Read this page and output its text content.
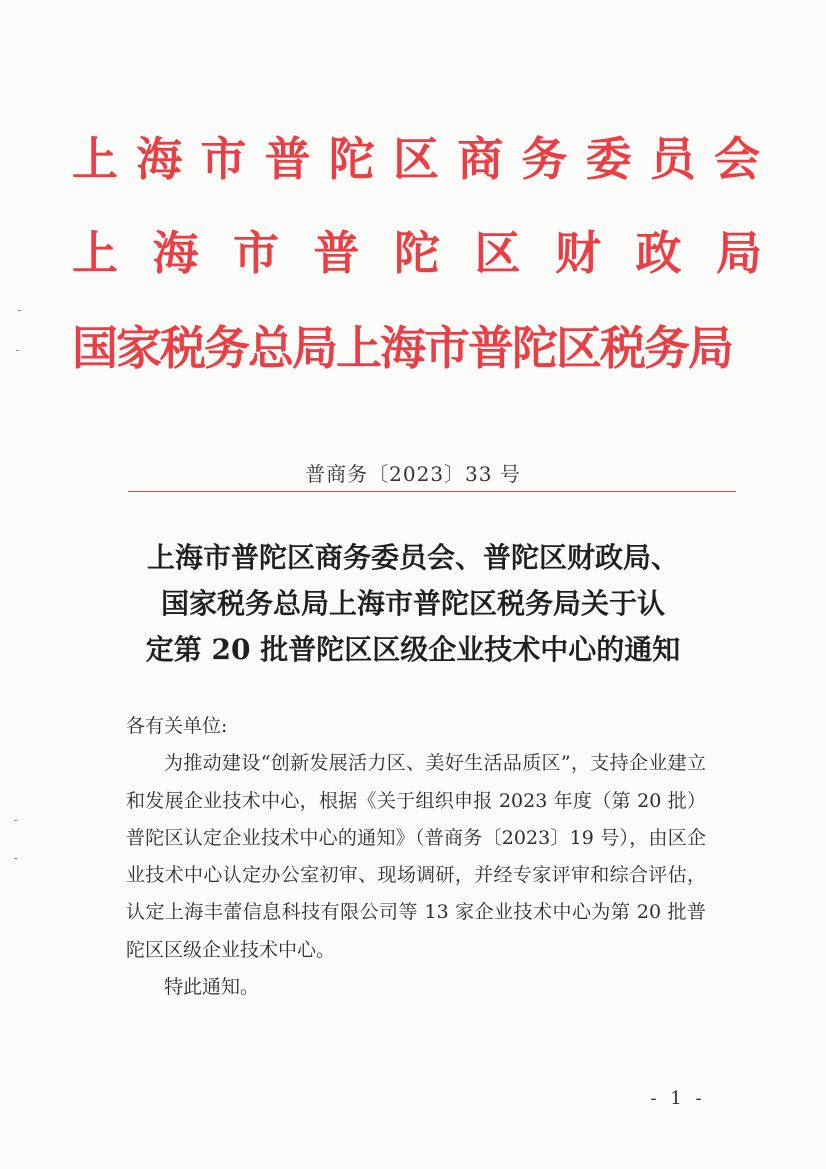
上海市普陀区商务委员会
上海市普陀区财政局
国家税务总局上海市普陀区税务局
普商务〔2023〕33 号
上海市普陀区商务委员会、普陀区财政局、
国家税务总局上海市普陀区税务局关于认
定第 20 批普陀区区级企业技术中心的通知

各有关单位:

为推动建设“创新发展活力区、美好生活品质区”，支持企业建立和发展企业技术中心，根据《关于组织申报 2023 年度（第 20 批）普陀区认定企业技术中心的通知》（普商务〔2023〕19 号），由区企业技术中心认定办公室初审、现场调研，并经专家评审和综合评估，认定上海丰蕾信息科技有限公司等 13 家企业技术中心为第 20 批普陀区区级企业技术中心。

特此通知。

- 1 -
